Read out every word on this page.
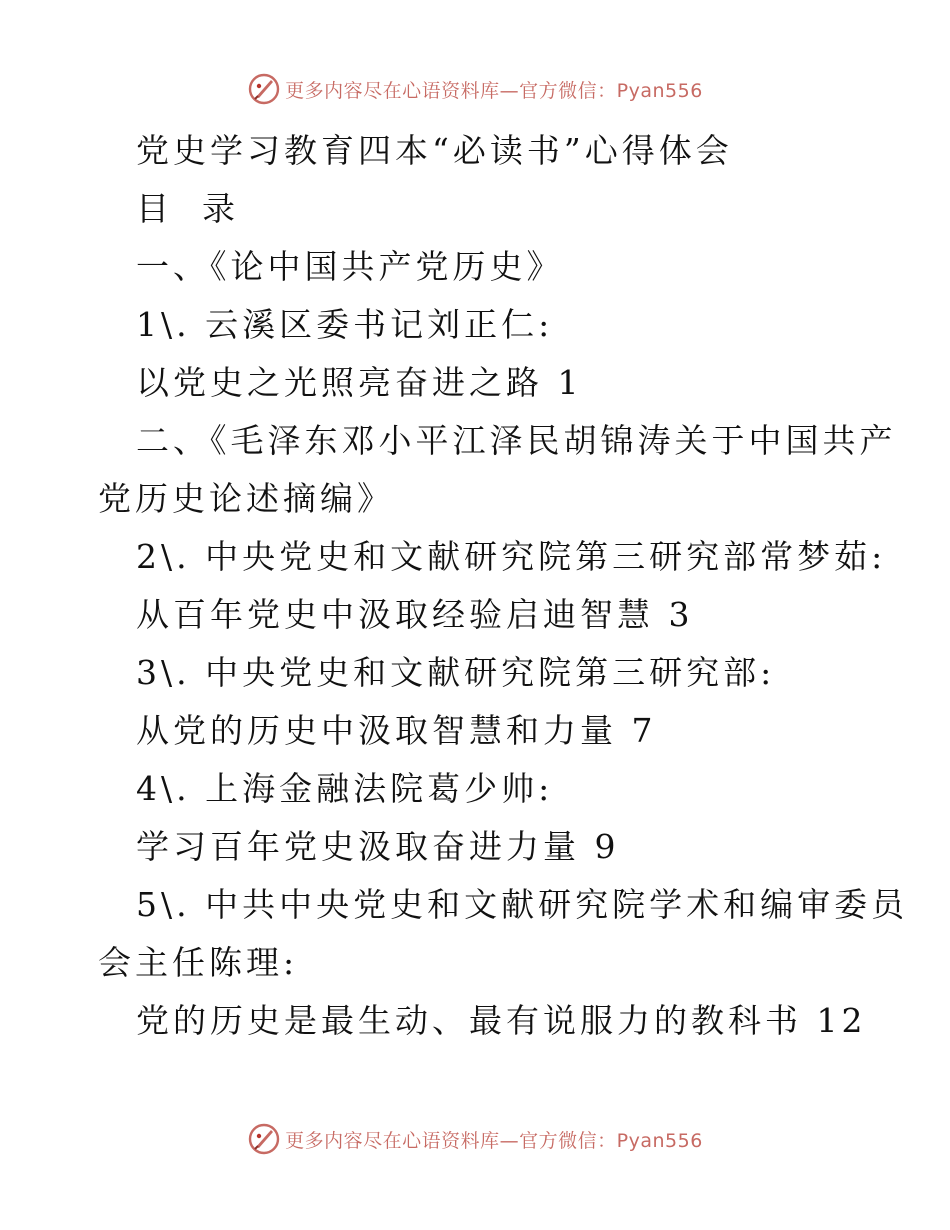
更多内容尽在心语资料库—官方微信：Pyan556
党史学习教育四本“必读书”心得体会
目  录
一、《论中国共产党历史》
1\. 云溪区委书记刘正仁:
以党史之光照亮奋进之路 1
二、《毛泽东邓小平江泽民胡锦涛关于中国共产
党历史论述摘编》
2\. 中央党史和文献研究院第三研究部常梦茹:
从百年党史中汲取经验启迪智慧 3
3\. 中央党史和文献研究院第三研究部:
从党的历史中汲取智慧和力量 7
4\. 上海金融法院葛少帅:
学习百年党史汲取奋进力量 9
5\. 中共中央党史和文献研究院学术和编审委员
会主任陈理:
党的历史是最生动、最有说服力的教科书 12
更多内容尽在心语资料库—官方微信：Pyan556
